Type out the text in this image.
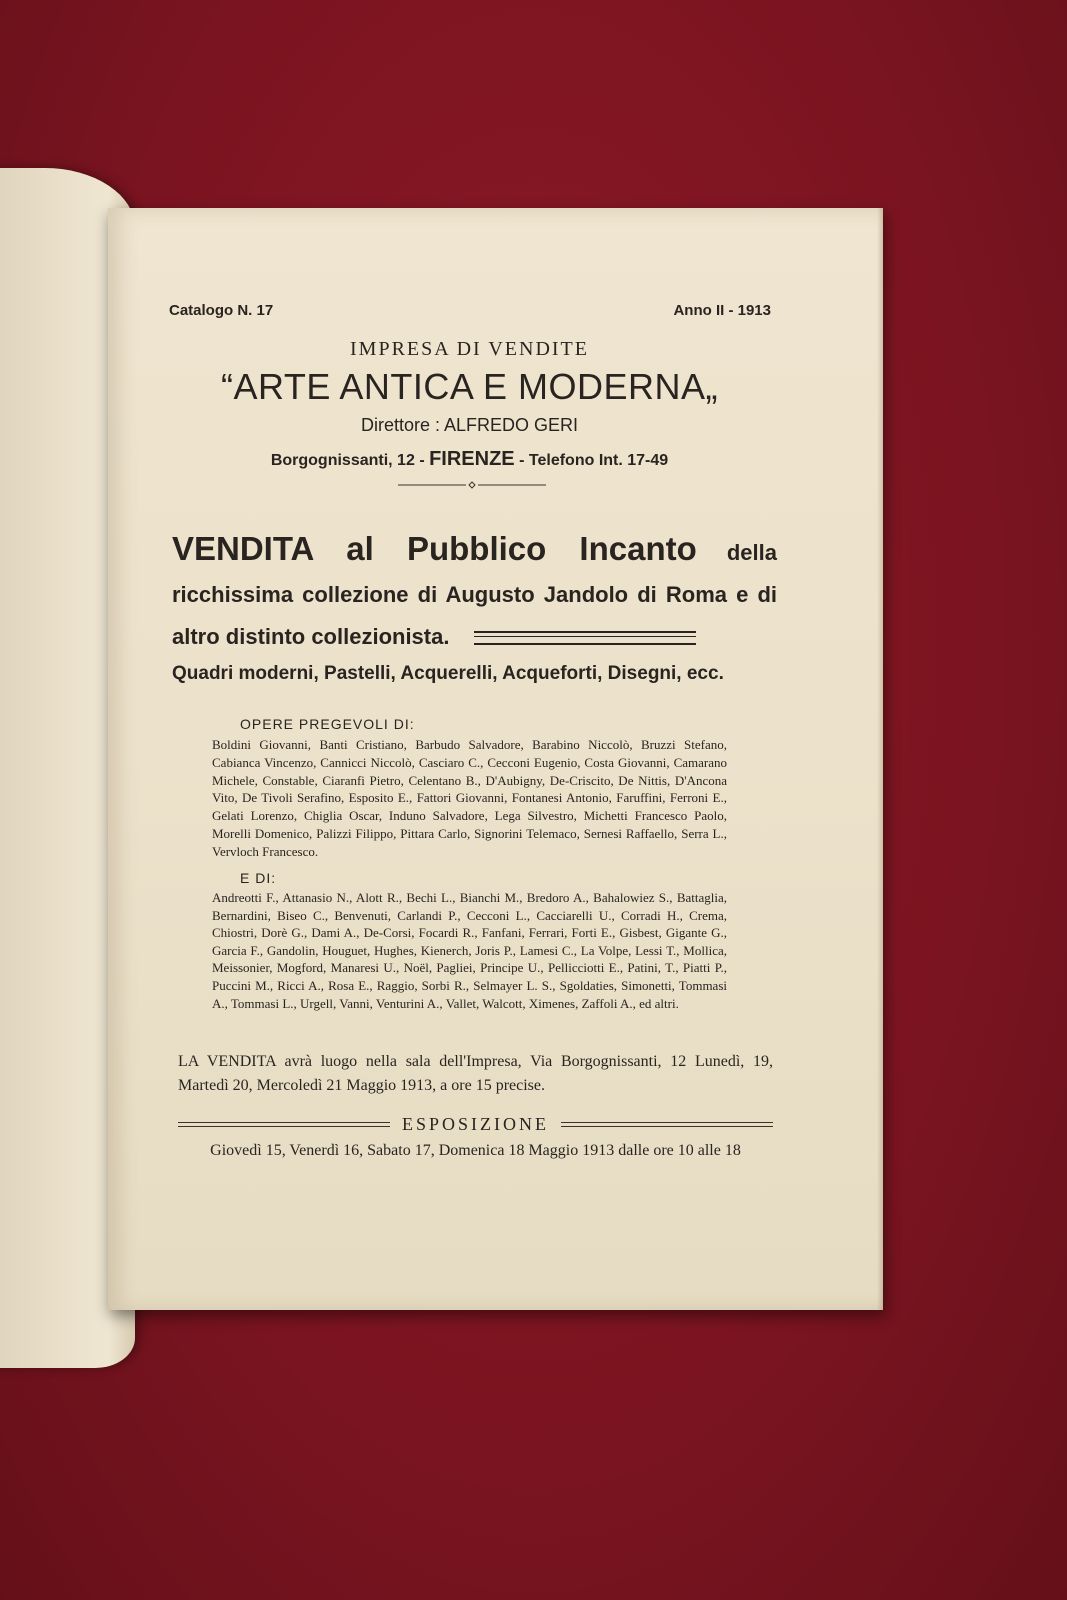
Catalogo N. 17	Anno II - 1913
IMPRESA DI VENDITE
“ARTE ANTICA E MODERNA„
Direttore : ALFREDO GERI
Borgognissanti, 12 - FIRENZE - Telefono Int. 17-49
VENDITA al Pubblico Incanto della ricchissima collezione di Augusto Jandolo di Roma e di altro distinto collezionista.
Quadri moderni, Pastelli, Acquerelli, Acqueforti, Disegni, ecc.
OPERE PREGEVOLI DI:
Boldini Giovanni, Banti Cristiano, Barbudo Salvadore, Barabino Niccolò, Bruzzi Stefano, Cabianca Vincenzo, Cannicci Niccolò, Casciaro C., Cecconi Eugenio, Costa Giovanni, Camarano Michele, Constable, Ciaranfi Pietro, Celentano B., D'Aubigny, De-Criscito, De Nittis, D'Ancona Vito, De Tivoli Serafino, Esposito E., Fattori Giovanni, Fontanesi Antonio, Faruffini, Ferroni E., Gelati Lorenzo, Chiglia Oscar, Induno Salvadore, Lega Silvestro, Michetti Francesco Paolo, Morelli Domenico, Palizzi Filippo, Pittara Carlo, Signorini Telemaco, Sernesi Raffaello, Serra L., Vervloch Francesco.
E DI:
Andreotti F., Attanasio N., Alott R., Bechi L., Bianchi M., Bredoro A., Bahalowiez S., Battaglia, Bernardini, Biseo C., Benvenuti, Carlandi P., Cecconi L., Cacciarelli U., Corradi H., Crema, Chiostri, Dorè G., Dami A., De-Corsi, Focardi R., Fanfani, Ferrari, Forti E., Gisbest, Gigante G., Garcia F., Gandolin, Houguet, Hughes, Kienerch, Joris P., Lamesi C., La Volpe, Lessi T., Mollica, Meissonier, Mogford, Manaresi U., Noël, Pagliei, Principe U., Pellicciotti E., Patini, T., Piatti P., Puccini M., Ricci A., Rosa E., Raggio, Sorbi R., Selmayer L. S., Sgoldaties, Simonetti, Tommasi A., Tommasi L., Urgell, Vanni, Venturini A., Vallet, Walcott, Ximenes, Zaffoli A., ed altri.
LA VENDITA avrà luogo nella sala dell'Impresa, Via Borgognissanti, 12 Lunedì, 19, Martedì 20, Mercoledì 21 Maggio 1913, a ore 15 precise.
ESPOSIZIONE
Giovedì 15, Venerdì 16, Sabato 17, Domenica 18 Maggio 1913 dalle ore 10 alle 18
